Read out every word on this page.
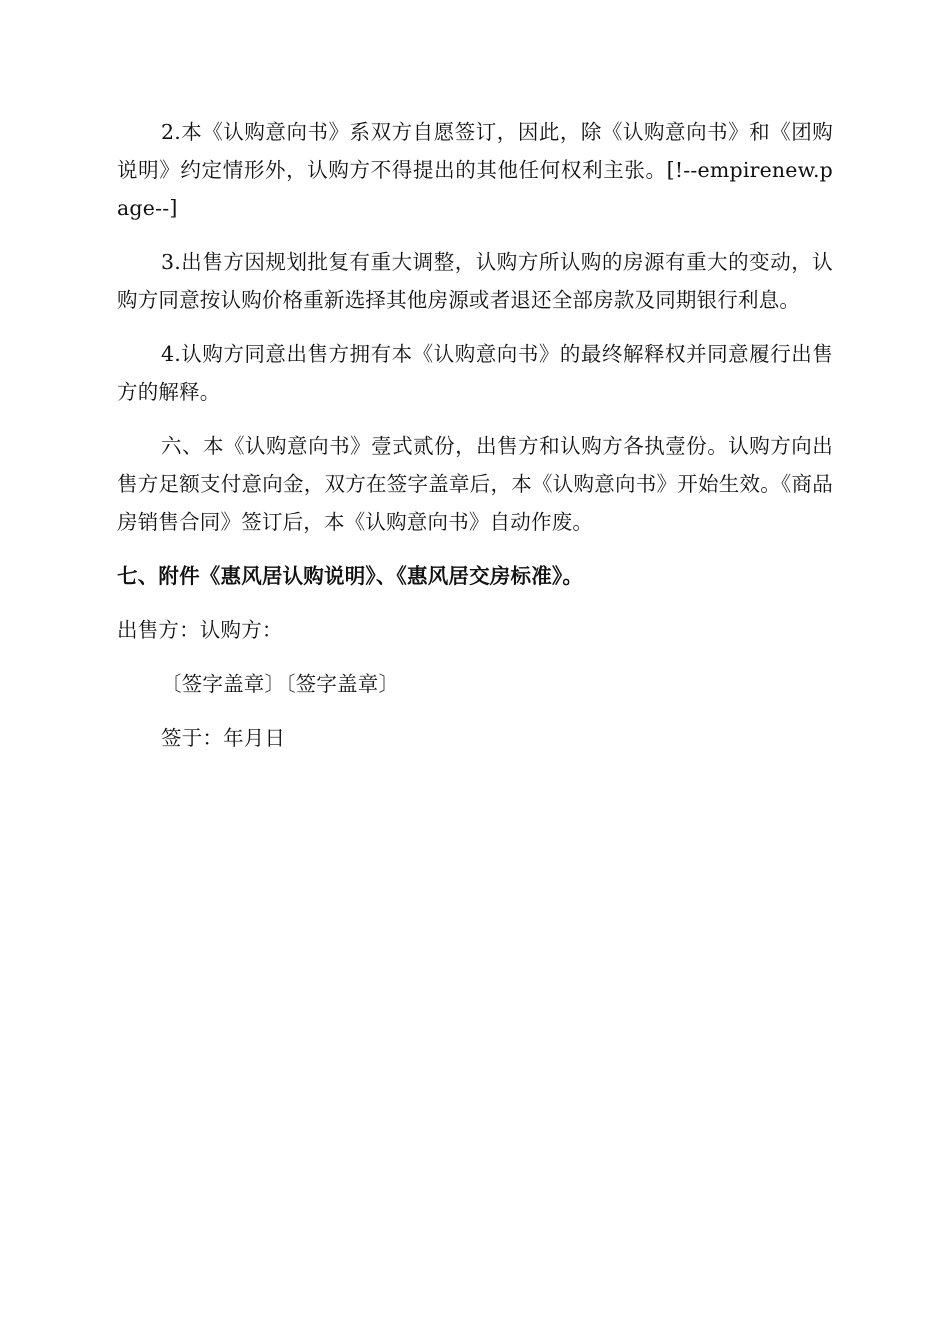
2.本《认购意向书》系双方自愿签订，因此，除《认购意向书》和《团购说明》约定情形外，认购方不得提出的其他任何权利主张。[!--empirenew.page--]

3.出售方因规划批复有重大调整，认购方所认购的房源有重大的变动，认购方同意按认购价格重新选择其他房源或者退还全部房款及同期银行利息。

4.认购方同意出售方拥有本《认购意向书》的最终解释权并同意履行出售方的解释。

六、本《认购意向书》壹式贰份，出售方和认购方各执壹份。认购方向出售方足额支付意向金，双方在签字盖章后，本《认购意向书》开始生效。《商品房销售合同》签订后，本《认购意向书》自动作废。

七、附件《惠风居认购说明》、《惠风居交房标准》。

出售方：认购方：

〔签字盖章〕〔签字盖章〕

签于：年月日
